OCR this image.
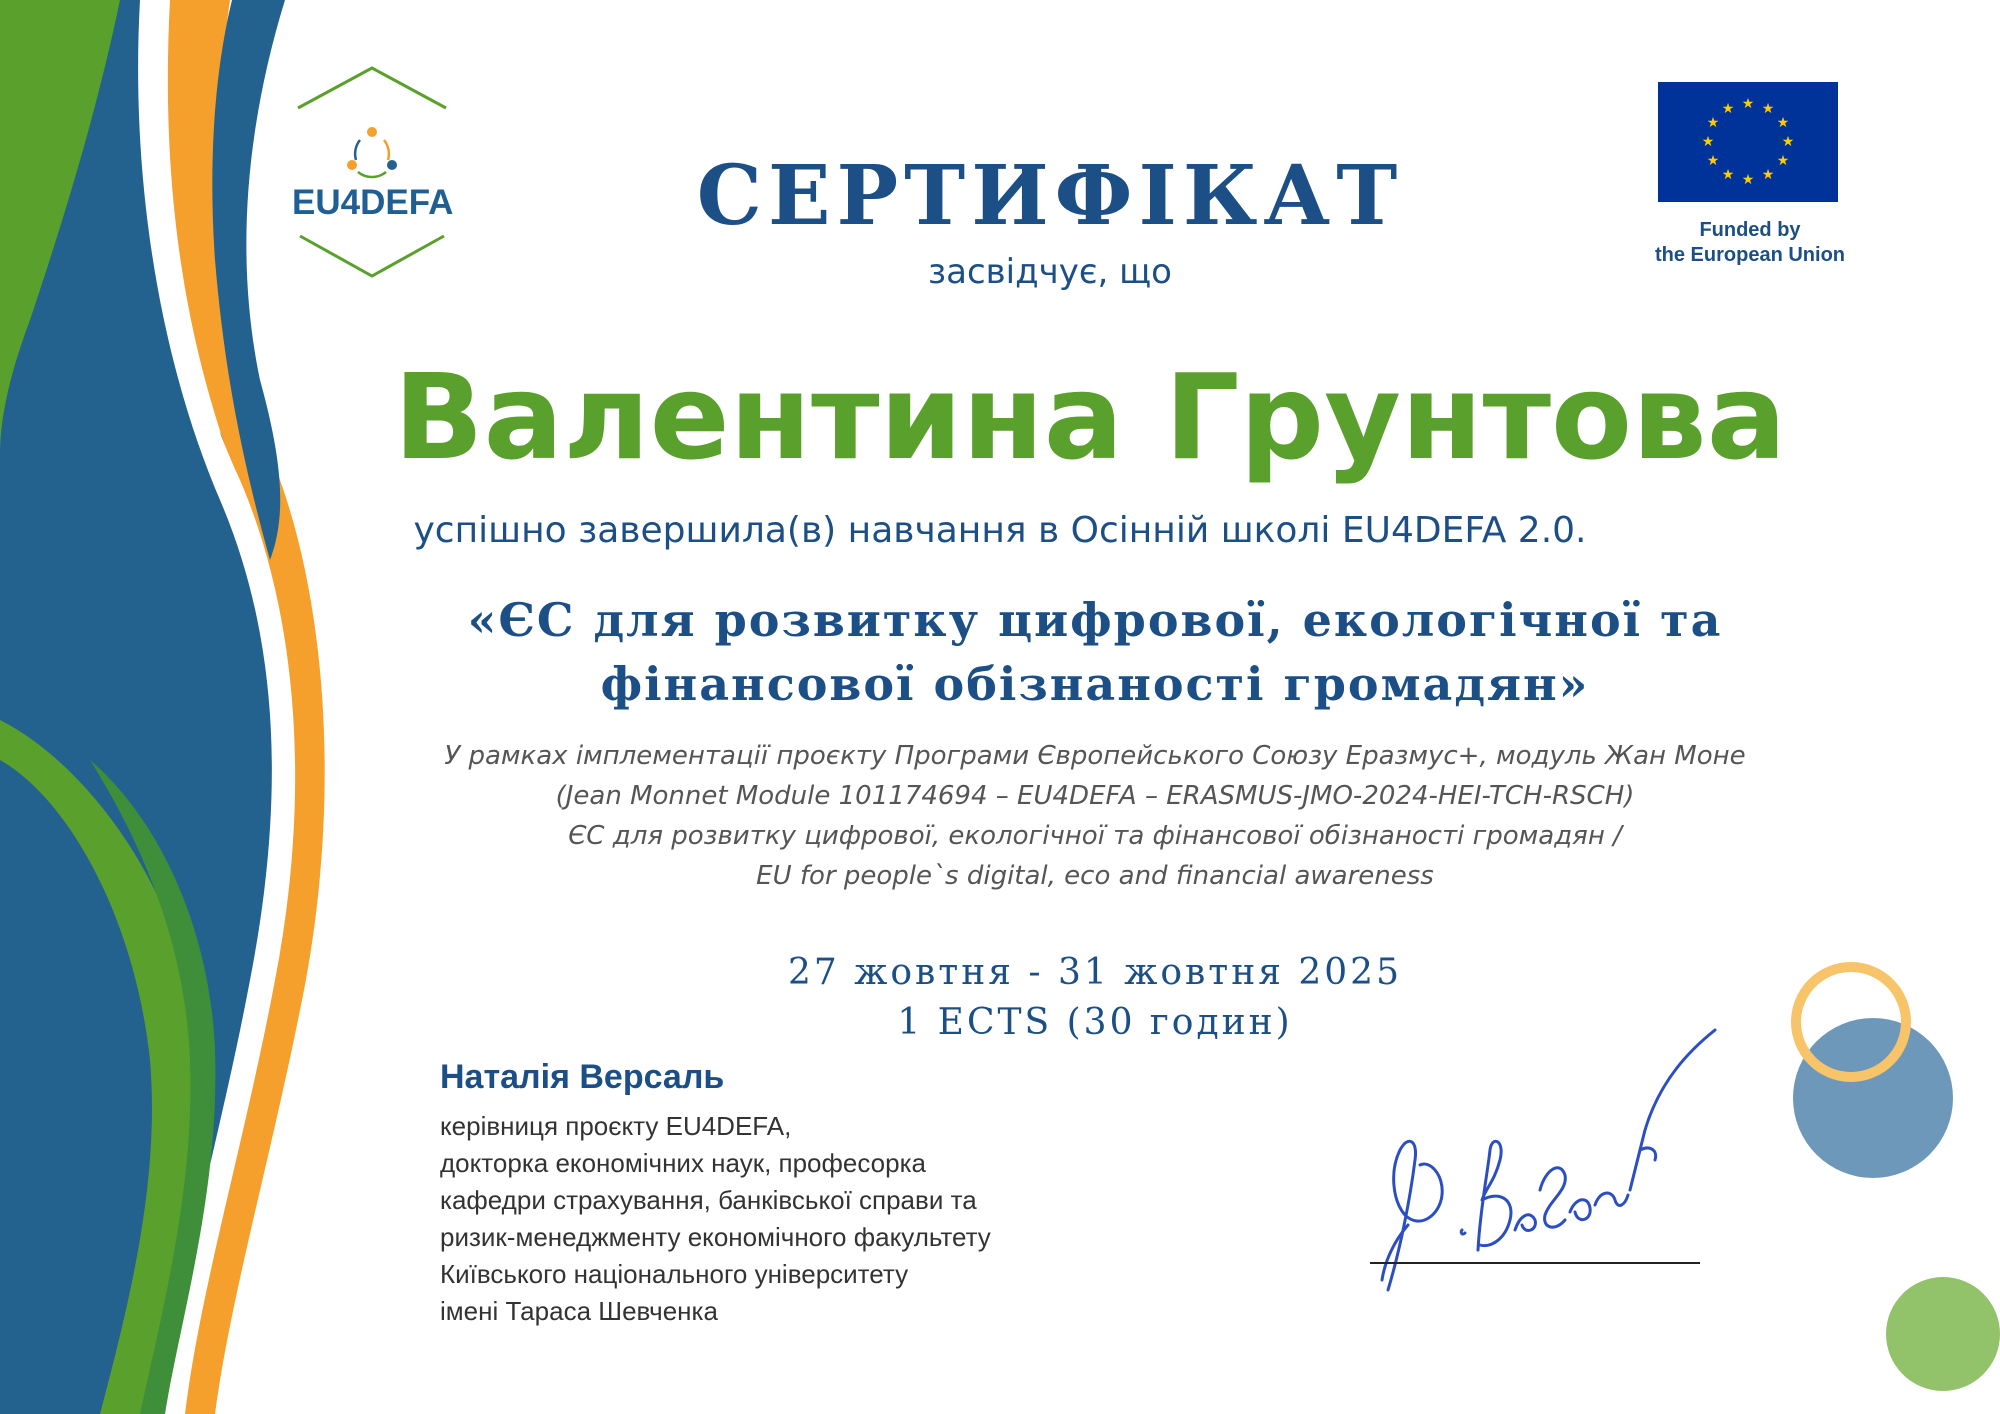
★ ★
★
★
★
★
★
★
★
★
★
★
EU4DEFA
Funded by
the European Union
СЕРТИФІКАТ
засвідчує, що
Валентина Грунтова
успішно завершила(в) навчання в Осінній школі EU4DEFA 2.0.
«ЄС для розвитку цифрової, екологічної та
фінансової обізнаності громадян»
У рамках імплементації проєкту Програми Європейського Союзу Еразмус+, модуль Жан Моне
(Jean Monnet Module 101174694 – EU4DEFA – ERASMUS-JMO-2024-HEI-TCH-RSCH)
ЄС для розвитку цифрової, екологічної та фінансової обізнаності громадян /
EU for people`s digital, eco and financial awareness
27 жовтня - 31 жовтня 2025
1 ECTS (30 годин)
Наталія Версаль
керівниця проєкту EU4DEFA,
докторка економічних наук, професорка
кафедри страхування, банківської справи та
ризик-менеджменту економічного факультету
Київського національного університету
імені Тараса Шевченка
